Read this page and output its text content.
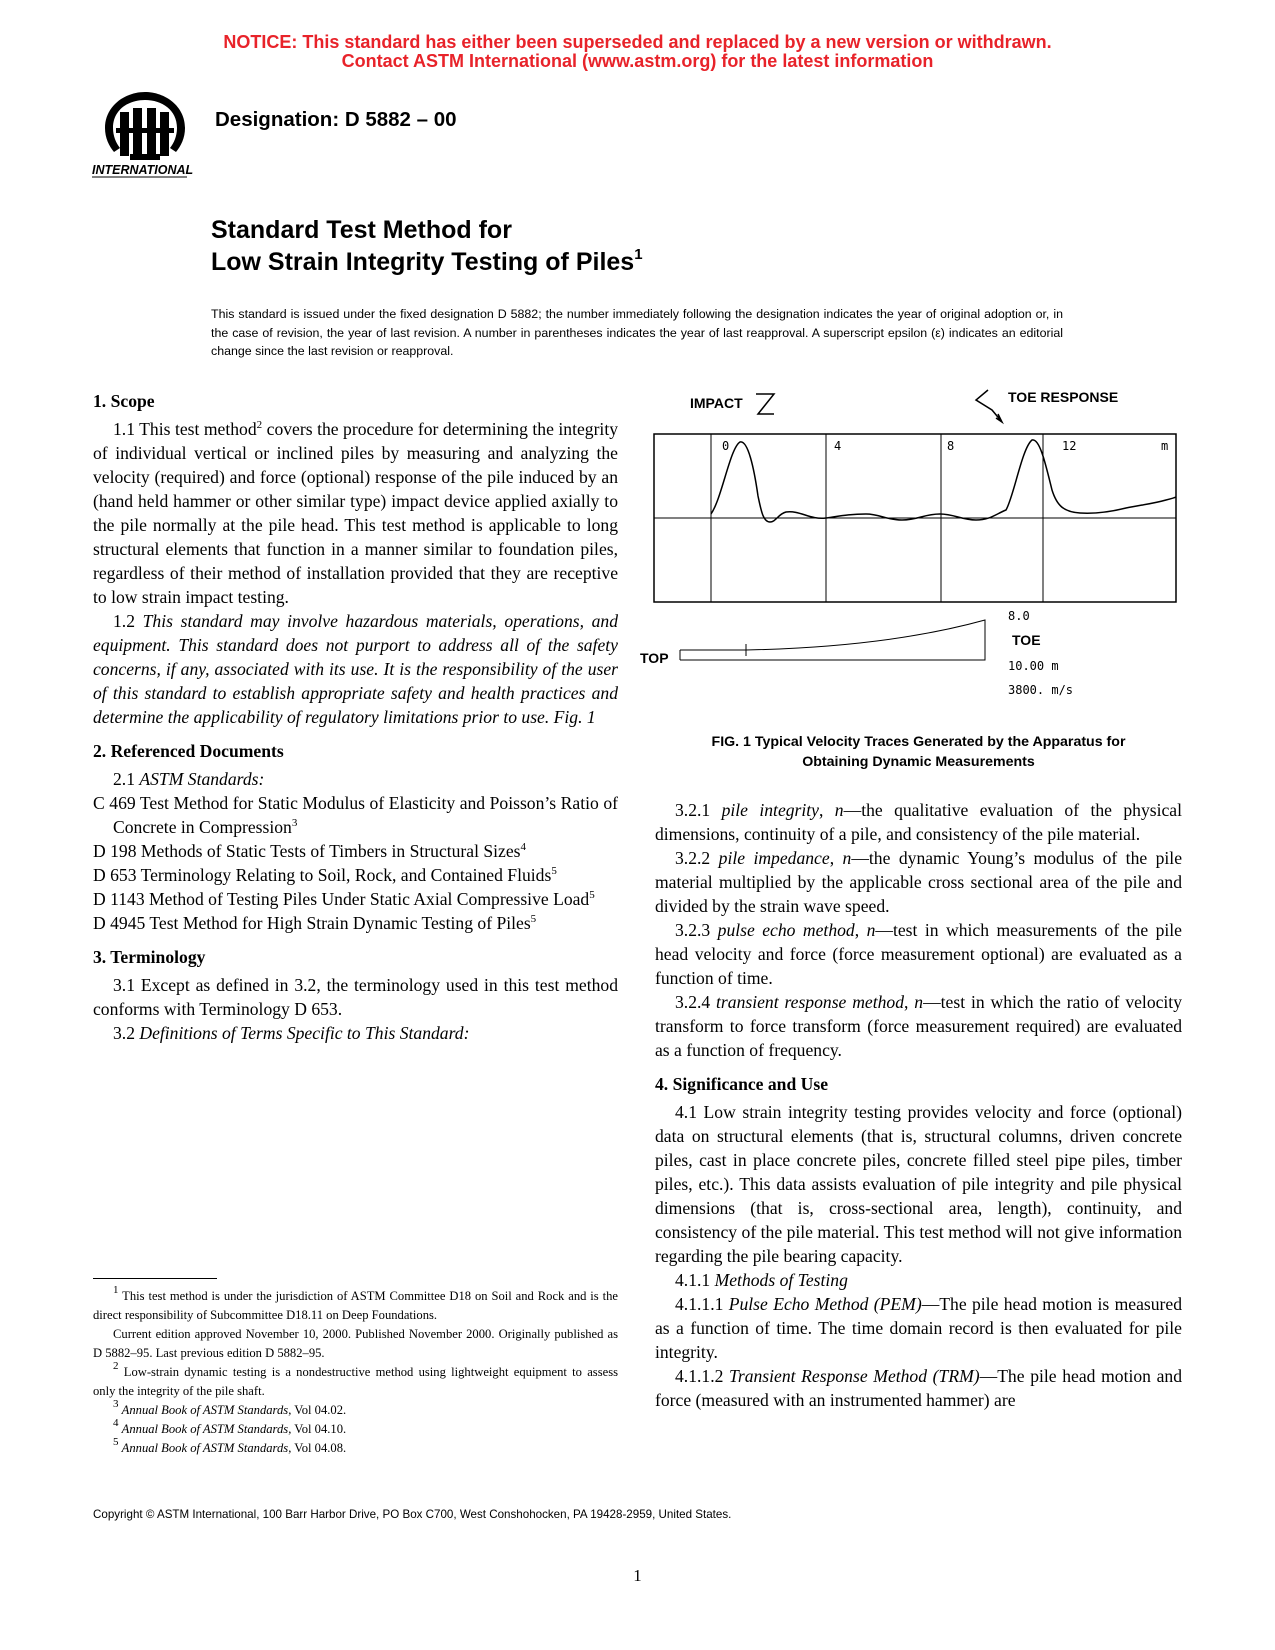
NOTICE: This standard has either been superseded and replaced by a new version or withdrawn.
Contact ASTM International (www.astm.org) for the latest information
INTERNATIONAL
Designation: D 5882 – 00
Standard Test Method for
Low Strain Integrity Testing of Piles$^1$
This standard is issued under the fixed designation D 5882; the number immediately following the designation indicates the year of original adoption or, in the case of revision, the year of last revision. A number in parentheses indicates the year of last reapproval. A superscript epsilon (ε) indicates an editorial change since the last revision or reapproval.

1. Scope

1.1 This test method$^2$ covers the procedure for determining the integrity of individual vertical or inclined piles by measuring and analyzing the velocity (required) and force (optional) response of the pile induced by an (hand held hammer or other similar type) impact device applied axially to the pile normally at the pile head. This test method is applicable to long structural elements that function in a manner similar to foundation piles, regardless of their method of installation provided that they are receptive to low strain impact testing.

1.2 This standard may involve hazardous materials, operations, and equipment. This standard does not purport to address all of the safety concerns, if any, associated with its use. It is the responsibility of the user of this standard to establish appropriate safety and health practices and determine the applicability of regulatory limitations prior to use. Fig. 1

2. Referenced Documents

2.1 ASTM Standards:

C 469 Test Method for Static Modulus of Elasticity and Poisson’s Ratio of Concrete in Compression$^3$

D 198 Methods of Static Tests of Timbers in Structural Sizes$^4$

D 653 Terminology Relating to Soil, Rock, and Contained Fluids$^5$

D 1143 Method of Testing Piles Under Static Axial Compressive Load$^5$

D 4945 Test Method for High Strain Dynamic Testing of Piles$^5$

3. Terminology

3.1 Except as defined in 3.2, the terminology used in this test method conforms with Terminology D 653.

3.2 Definitions of Terms Specific to This Standard:

$^1$ This test method is under the jurisdiction of ASTM Committee D18 on Soil and Rock and is the direct responsibility of Subcommittee D18.11 on Deep Foundations.

Current edition approved November 10, 2000. Published November 2000. Originally published as D 5882–95. Last previous edition D 5882–95.

$^2$ Low-strain dynamic testing is a nondestructive method using lightweight equipment to assess only the integrity of the pile shaft.

$^3$ Annual Book of ASTM Standards, Vol 04.02.

$^4$ Annual Book of ASTM Standards, Vol 04.10.

$^5$ Annual Book of ASTM Standards, Vol 04.08.

IMPACT	TOE RESPONSE
0	4	8	12	m
8.0
TOE
TOP	10.00 m
3800. m/s
FIG. 1 Typical Velocity Traces Generated by the Apparatus for
Obtaining Dynamic Measurements

3.2.1 pile integrity, n—the qualitative evaluation of the physical dimensions, continuity of a pile, and consistency of the pile material.

3.2.2 pile impedance, n—the dynamic Young’s modulus of the pile material multiplied by the applicable cross sectional area of the pile and divided by the strain wave speed.

3.2.3 pulse echo method, n—test in which measurements of the pile head velocity and force (force measurement optional) are evaluated as a function of time.

3.2.4 transient response method, n—test in which the ratio of velocity transform to force transform (force measurement required) are evaluated as a function of frequency.

4. Significance and Use

4.1 Low strain integrity testing provides velocity and force (optional) data on structural elements (that is, structural columns, driven concrete piles, cast in place concrete piles, concrete filled steel pipe piles, timber piles, etc.). This data assists evaluation of pile integrity and pile physical dimensions (that is, cross-sectional area, length), continuity, and consistency of the pile material. This test method will not give information regarding the pile bearing capacity.

4.1.1 Methods of Testing

4.1.1.1 Pulse Echo Method (PEM)—The pile head motion is measured as a function of time. The time domain record is then evaluated for pile integrity.

4.1.1.2 Transient Response Method (TRM)—The pile head motion and force (measured with an instrumented hammer) are

Copyright © ASTM International, 100 Barr Harbor Drive, PO Box C700, West Conshohocken, PA 19428-2959, United States.
1
